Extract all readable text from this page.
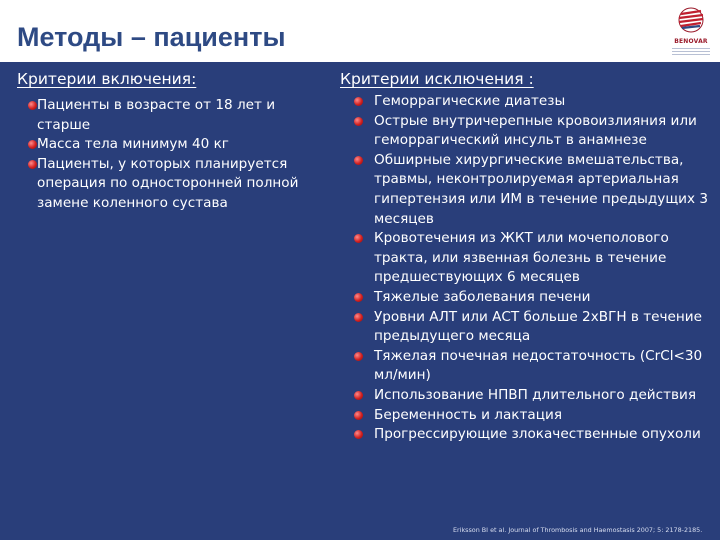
Методы – пациенты	BENOVAR
Критерии включения:
Пациенты в возрасте от 18 лет и старше
Масса тела минимум 40 кг
Пациенты, у которых планируется операция по односторонней полной замене коленного сустава
Критерии исключения :
Геморрагические диатезы
Острые внутричерепные кровоизлияния или геморрагический инсульт в анамнезе
Обширные хирургические вмешательства, травмы, неконтролируемая артериальная гипертензия или ИМ в течение предыдущих 3 месяцев
Кровотечения из ЖКТ или мочеполового тракта, или язвенная болезнь в течение предшествующих 6 месяцев
Тяжелые заболевания печени
Уровни АЛТ или АСТ больше 2хВГН в течение предыдущего месяца
Тяжелая почечная недостаточность (CrCl<30 мл/мин)
Использование НПВП длительного действия
Беременность и лактация
Прогрессирующие злокачественные опухоли
Eriksson BI et al. Journal of Thrombosis and Haemostasis 2007; 5: 2178-2185.
